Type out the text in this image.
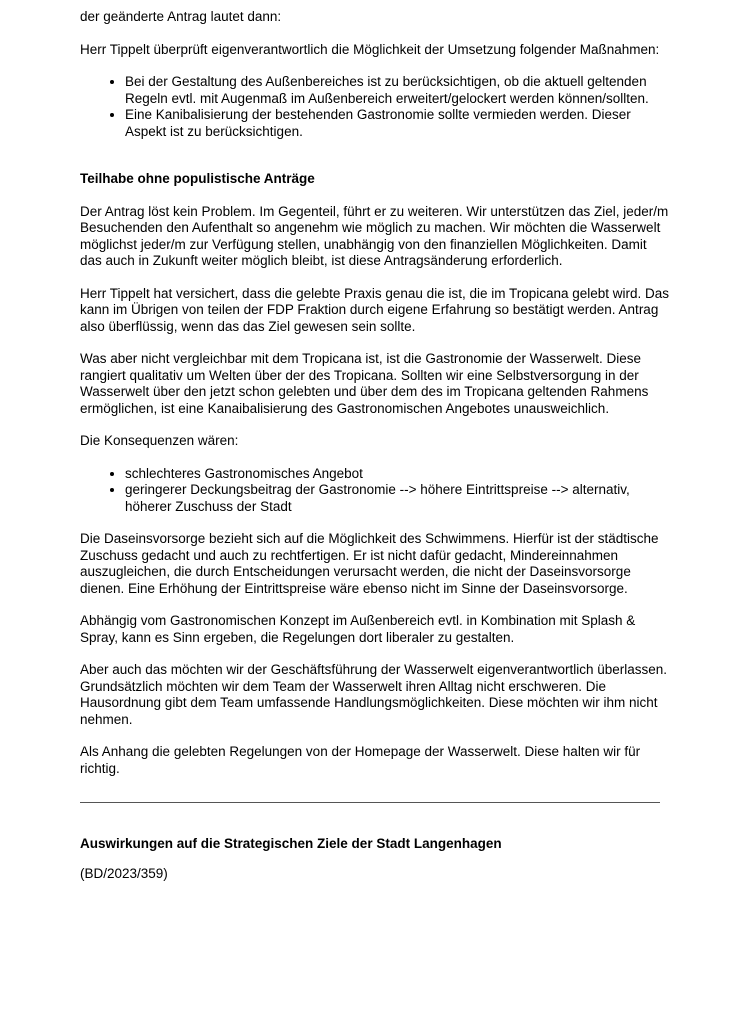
der geänderte Antrag lautet dann:

Herr Tippelt überprüft eigenverantwortlich die Möglichkeit der Umsetzung folgender Maßnahmen:

• Bei der Gestaltung des Außenbereiches ist zu berücksichtigen, ob die aktuell geltenden Regeln evtl. mit Augenmaß im Außenbereich erweitert/gelockert werden können/sollten.
• Eine Kanibalisierung der bestehenden Gastronomie sollte vermieden werden. Dieser Aspekt ist zu berücksichtigen.
Teilhabe ohne populistische Anträge

Der Antrag löst kein Problem. Im Gegenteil, führt er zu weiteren. Wir unterstützen das Ziel, jeder/m Besuchenden den Aufenthalt so angenehm wie möglich zu machen. Wir möchten die Wasserwelt möglichst jeder/m zur Verfügung stellen, unabhängig von den finanziellen Möglichkeiten. Damit das auch in Zukunft weiter möglich bleibt, ist diese Antragsänderung erforderlich.

Herr Tippelt hat versichert, dass die gelebte Praxis genau die ist, die im Tropicana gelebt wird. Das kann im Übrigen von teilen der FDP Fraktion durch eigene Erfahrung so bestätigt werden. Antrag also überflüssig, wenn das das Ziel gewesen sein sollte.

Was aber nicht vergleichbar mit dem Tropicana ist, ist die Gastronomie der Wasserwelt. Diese rangiert qualitativ um Welten über der des Tropicana. Sollten wir eine Selbstversorgung in der Wasserwelt über den jetzt schon gelebten und über dem des im Tropicana geltenden Rahmens ermöglichen, ist eine Kanaibalisierung des Gastronomischen Angebotes unausweichlich.

Die Konsequenzen wären:

• schlechteres Gastronomisches Angebot
• geringerer Deckungsbeitrag der Gastronomie --> höhere Eintrittspreise --> alternativ, höherer Zuschuss der Stadt

Die Daseinsvorsorge bezieht sich auf die Möglichkeit des Schwimmens. Hierfür ist der städtische Zuschuss gedacht und auch zu rechtfertigen. Er ist nicht dafür gedacht, Mindereinnahmen auszugleichen, die durch Entscheidungen verursacht werden, die nicht der Daseinsvorsorge dienen. Eine Erhöhung der Eintrittspreise wäre ebenso nicht im Sinne der Daseinsvorsorge.

Abhängig vom Gastronomischen Konzept im Außenbereich evtl. in Kombination mit Splash & Spray, kann es Sinn ergeben, die Regelungen dort liberaler zu gestalten.

Aber auch das möchten wir der Geschäftsführung der Wasserwelt eigenverantwortlich überlassen. Grundsätzlich möchten wir dem Team der Wasserwelt ihren Alltag nicht erschweren. Die Hausordnung gibt dem Team umfassende Handlungsmöglichkeiten. Diese möchten wir ihm nicht nehmen.

Als Anhang die gelebten Regelungen von der Homepage der Wasserwelt. Diese halten wir für richtig.

Auswirkungen auf die Strategischen Ziele der Stadt Langenhagen

(BD/2023/359)
